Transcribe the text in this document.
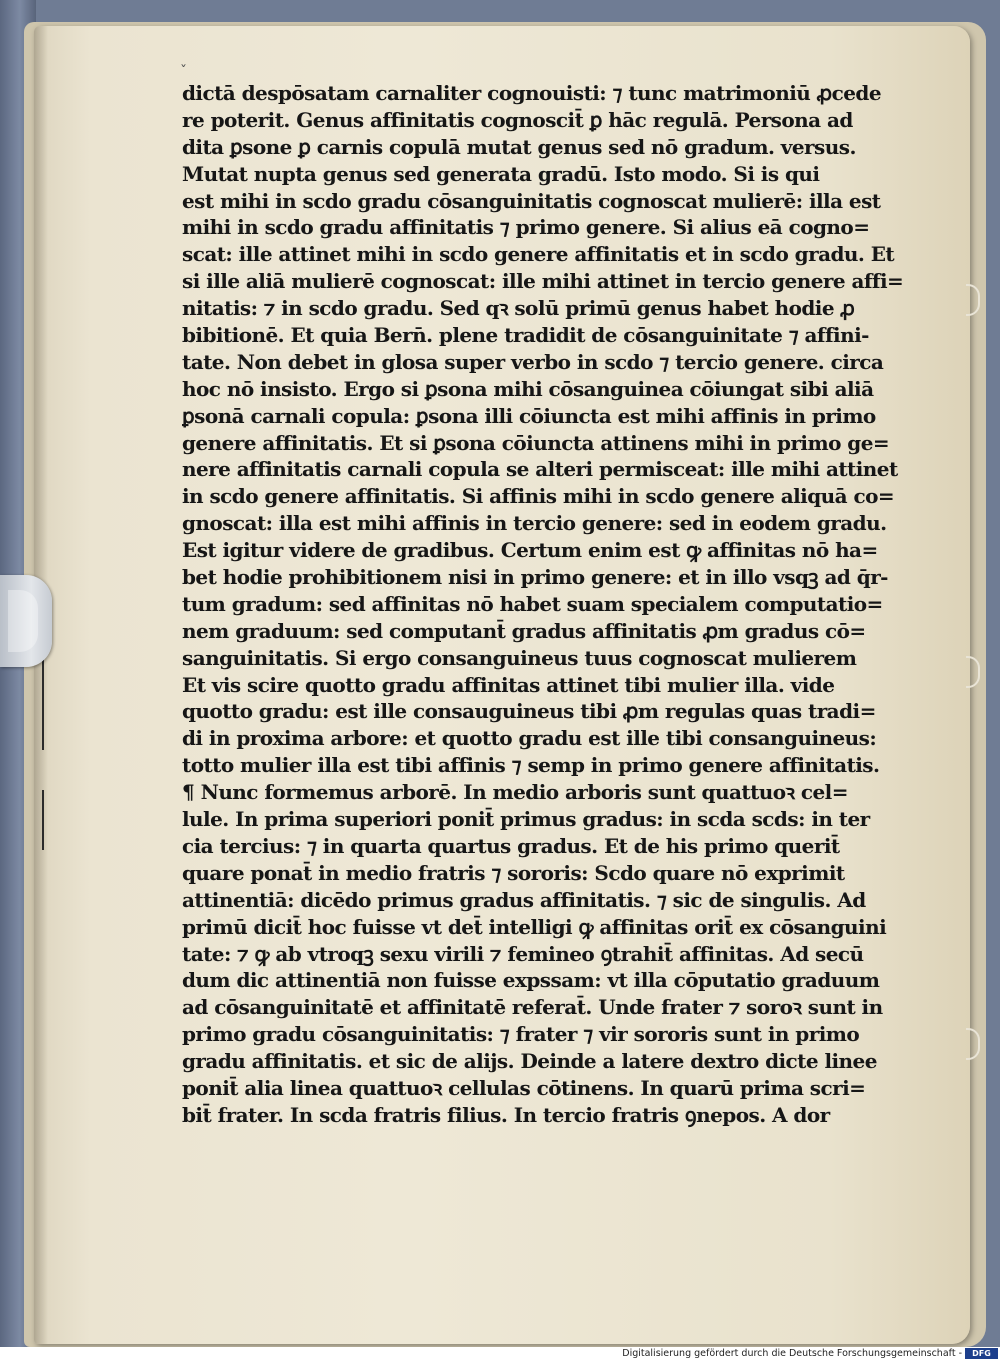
ˇ
dictā despōsatam carnaliter cognouisti: ⁊ tunc matrimoniū ꝓcede
re poterit. Genus affinitatis cognoscit̄ ꝑ hāc regulā. Persona ad
dita ꝑsone ꝑ carnis copulā mutat genus sed nō gradum. versus.
Mutat nupta genus sed generata gradū. Isto modo. Si is qui
est mihi in scdo gradu cōsanguinitatis cognoscat mulierē: illa est
mihi in scdo gradu affinitatis ⁊ primo genere. Si alius eā cogno=
scat: ille attinet mihi in scdo genere affinitatis et in scdo gradu. Et
si ille aliā mulierē cognoscat: ille mihi attinet in tercio genere affi=
nitatis: ⁊ in scdo gradu. Sed qꝛ solū primū genus habet hodie ꝓ
bibitionē. Et quia Bern̄. plene tradidit de cōsanguinitate ⁊ affini-
tate. Non debet in glosa super verbo in scdo ⁊ tercio genere. circa
hoc nō insisto. Ergo si ꝑsona mihi cōsanguinea cōiungat sibi aliā
ꝑsonā carnali copula: ꝑsona illi cōiuncta est mihi affinis in primo
genere affinitatis. Et si ꝑsona cōiuncta attinens mihi in primo ge=
nere affinitatis carnali copula se alteri permisceat: ille mihi attinet
in scdo genere affinitatis. Si affinis mihi in scdo genere aliquā co=
gnoscat: illa est mihi affinis in tercio genere: sed in eodem gradu.
Est igitur videre de gradibus. Certum enim est ꝙ affinitas nō ha=
bet hodie prohibitionem nisi in primo genere: et in illo vsqꝫ ad q̄r-
tum gradum: sed affinitas nō habet suam specialem computatio=
nem graduum: sed computant̄ gradus affinitatis ꝓm gradus cō=
sanguinitatis. Si ergo consanguineus tuus cognoscat mulierem
Et vis scire quotto gradu affinitas attinet tibi mulier illa. vide
quotto gradu: est ille consauguineus tibi ꝓm regulas quas tradi=
di in proxima arbore: et quotto gradu est ille tibi consanguineus:
totto mulier illa est tibi affinis ⁊ semp in primo genere affinitatis.
¶ Nunc formemus arborē. In medio arboris sunt quattuoꝛ cel=
lule. In prima superiori ponit̄ primus gradus: in scda scds: in ter
cia tercius: ⁊ in quarta quartus gradus. Et de his primo querit̄
quare ponat̄ in medio fratris ⁊ sororis: Scdo quare nō exprimit
attinentiā: dicēdo primus gradus affinitatis. ⁊ sic de singulis. Ad
primū dicit̄ hoc fuisse vt det̄ intelligi ꝙ affinitas orit̄ ex cōsanguini
tate: ⁊ ꝙ ab vtroqꝫ sexu virili ⁊ femineo ꝯtrahit̄ affinitas. Ad secū
dum dic attinentiā non fuisse expssam: vt illa cōputatio graduum
ad cōsanguinitatē et affinitatē referat̄. Unde frater ⁊ soroꝛ sunt in
primo gradu cōsanguinitatis: ⁊ frater ⁊ vir sororis sunt in primo
gradu affinitatis. et sic de alijs. Deinde a latere dextro dicte linee
ponit̄ alia linea quattuoꝛ cellulas cōtinens. In quarū prima scri=
bit̄ frater. In scda fratris filius. In tercio fratris ꝯnepos. A dor
Digitalisierung gefördert durch die Deutsche Forschungsgemeinschaft -	DFG
